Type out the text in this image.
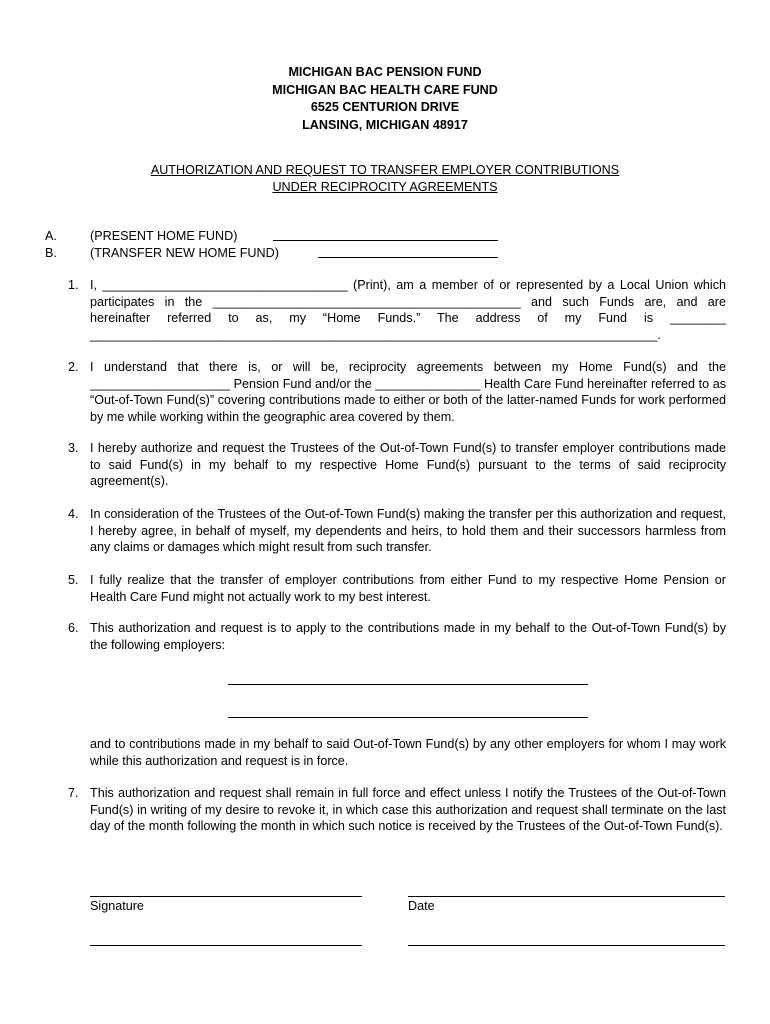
MICHIGAN BAC PENSION FUND
MICHIGAN BAC HEALTH CARE FUND
6525 CENTURION DRIVE
LANSING, MICHIGAN 48917
AUTHORIZATION AND REQUEST TO TRANSFER EMPLOYER CONTRIBUTIONS
UNDER RECIPROCITY AGREEMENTS
A.	(PRESENT HOME FUND)
B.	(TRANSFER NEW HOME FUND)
1. I, ___________________________________ (Print), am a member of or represented by a Local Union which participates in the ____________________________________________ and such Funds are, and are hereinafter referred to as, my “Home Funds.” The address of my Fund is ________ _________________________________________________________________________________.
2. I understand that there is, or will be, reciprocity agreements between my Home Fund(s) and the ____________________ Pension Fund and/or the _______________ Health Care Fund hereinafter referred to as “Out-of-Town Fund(s)” covering contributions made to either or both of the latter-named Funds for work performed by me while working within the geographic area covered by them.
3. I hereby authorize and request the Trustees of the Out-of-Town Fund(s) to transfer employer contributions made to said Fund(s) in my behalf to my respective Home Fund(s) pursuant to the terms of said reciprocity agreement(s).
4. In consideration of the Trustees of the Out-of-Town Fund(s) making the transfer per this authorization and request, I hereby agree, in behalf of myself, my dependents and heirs, to hold them and their successors harmless from any claims or damages which might result from such transfer.
5. I fully realize that the transfer of employer contributions from either Fund to my respective Home Pension or Health Care Fund might not actually work to my best interest.
6. This authorization and request is to apply to the contributions made in my behalf to the Out-of-Town Fund(s) by the following employers:
and to contributions made in my behalf to said Out-of-Town Fund(s) by any other employers for whom I may work while this authorization and request is in force.
7. This authorization and request shall remain in full force and effect unless I notify the Trustees of the Out-of-Town Fund(s) in writing of my desire to revoke it, in which case this authorization and request shall terminate on the last day of the month following the month in which such notice is received by the Trustees of the Out-of-Town Fund(s).
Signature	Date
